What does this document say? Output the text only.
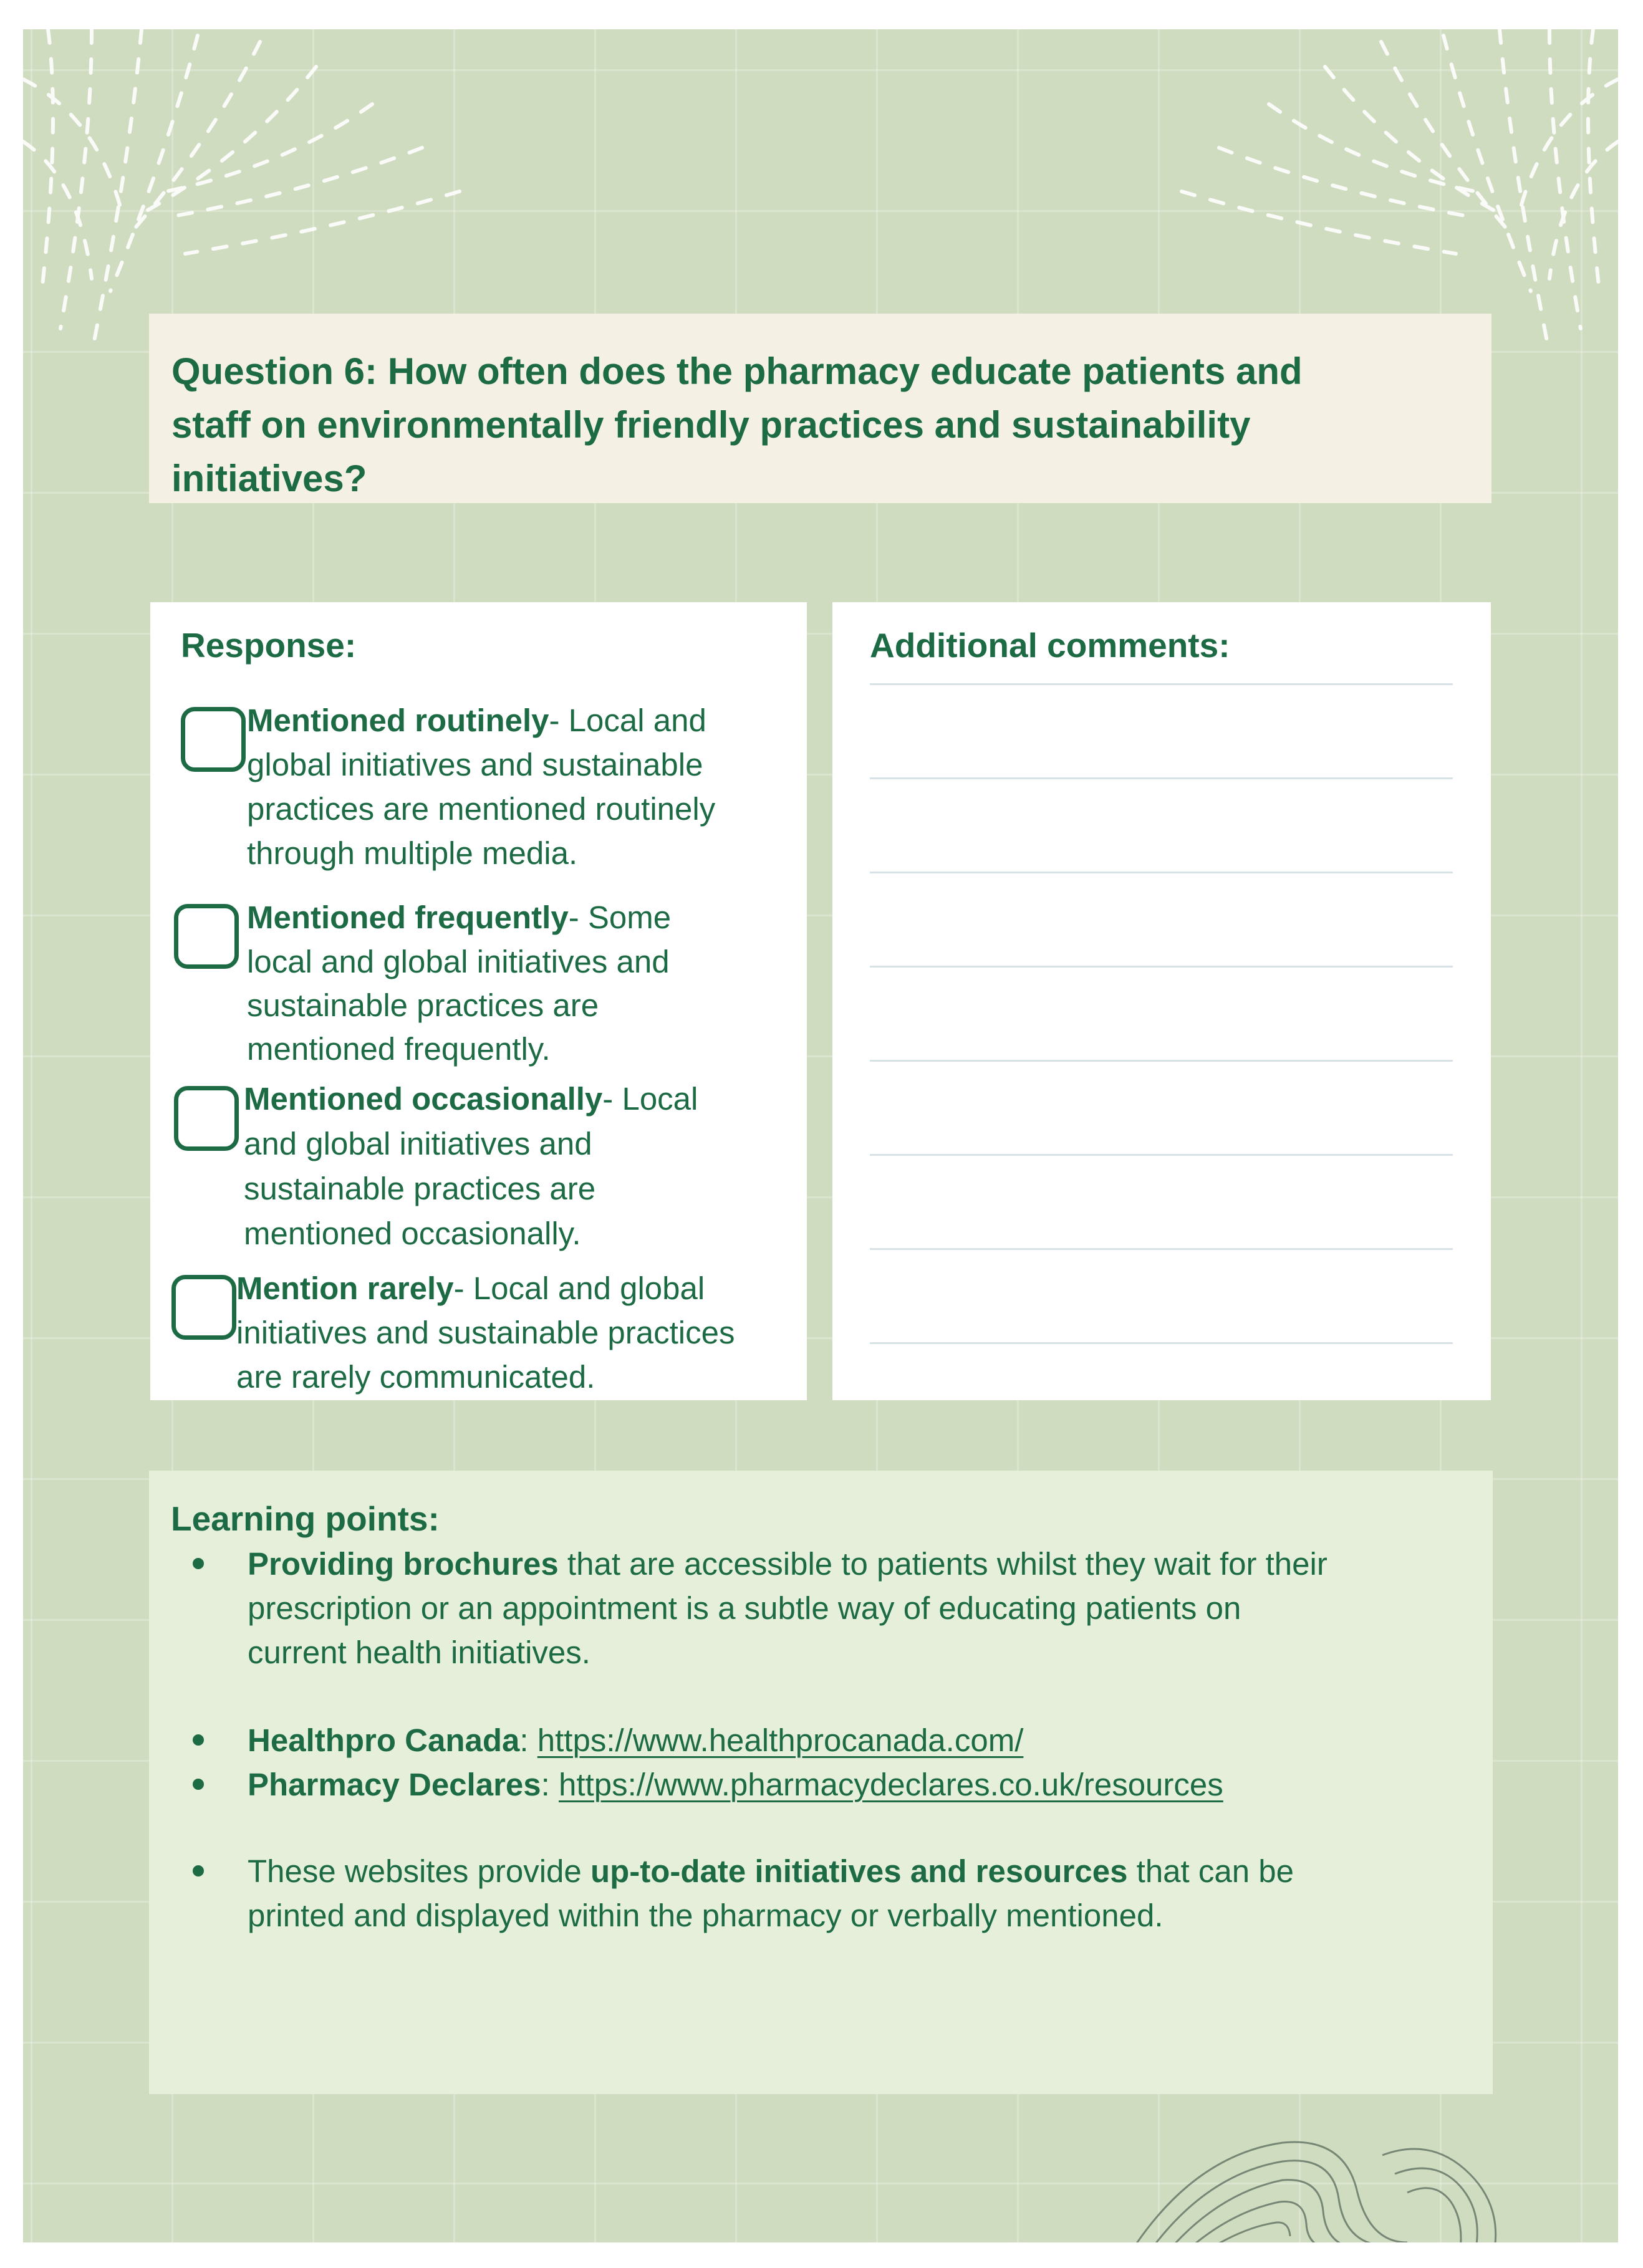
Question 6: How often does the pharmacy educate patients and
staff on environmentally friendly practices and sustainability
initiatives?
Response:
Mentioned routinely- Local and
global initiatives and sustainable
practices are mentioned routinely
through multiple media.
Mentioned frequently- Some
local and global initiatives and
sustainable practices are
mentioned frequently.
Mentioned occasionally- Local
and global initiatives and
sustainable practices are
mentioned occasionally.
Mention rarely- Local and global
initiatives and sustainable practices
are rarely communicated.
Additional comments:
Learning points:
Providing brochures that are accessible to patients whilst they wait for their
prescription or an appointment is a subtle way of educating patients on
current health initiatives.
Healthpro Canada: https://www.healthprocanada.com/
Pharmacy Declares: https://www.pharmacydeclares.co.uk/resources
These websites provide up-to-date initiatives and resources that can be
printed and displayed within the pharmacy or verbally mentioned.
